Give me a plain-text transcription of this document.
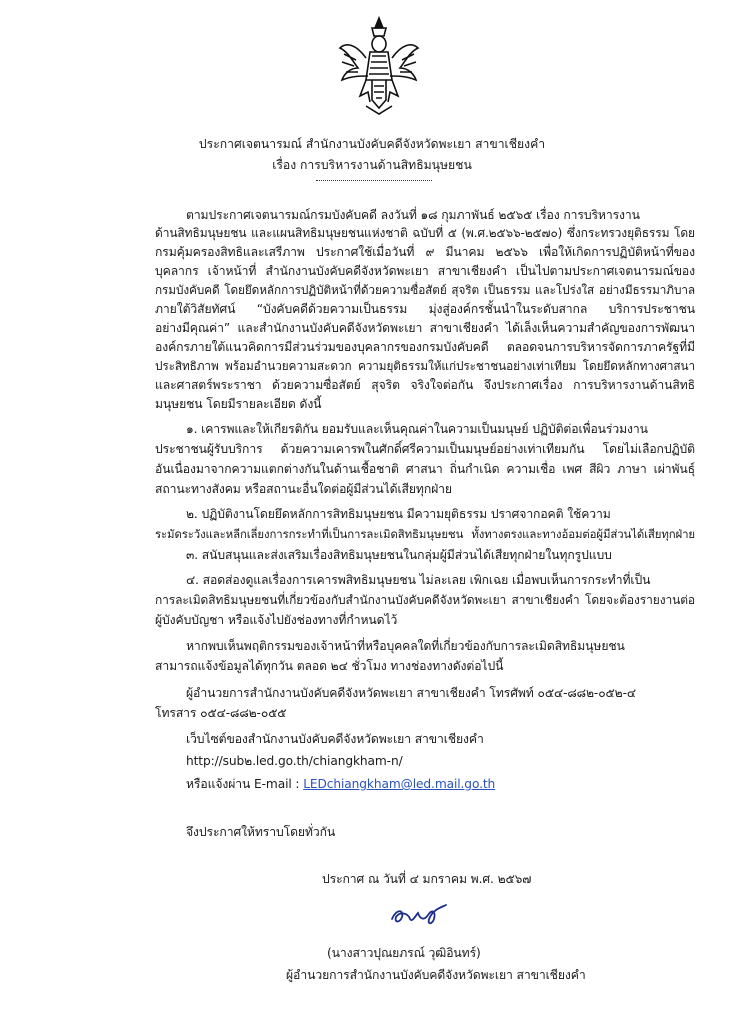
ประกาศเจตนารมณ์ สำนักงานบังคับคดีจังหวัดพะเยา สาขาเชียงคำ
เรื่อง การบริหารงานด้านสิทธิมนุษยชน
ตามประกาศเจตนารมณ์กรมบังคับคดี ลงวันที่ ๑๘ กุมภาพันธ์ ๒๕๖๕ เรื่อง การบริหารงาน
ด้านสิทธิมนุษยชน และแผนสิทธิมนุษยชนแห่งชาติ ฉบับที่ ๕ (พ.ศ.๒๕๖๖-๒๕๗๐) ซึ่งกระทรวงยุติธรรม โดย
กรมคุ้มครองสิทธิและเสรีภาพ ประกาศใช้เมื่อวันที่ ๙ มีนาคม ๒๕๖๖ เพื่อให้เกิดการปฏิบัติหน้าที่ของ
บุคลากร เจ้าหน้าที่ สำนักงานบังคับคดีจังหวัดพะเยา สาขาเชียงคำ เป็นไปตามประกาศเจตนารมณ์ของ
กรมบังคับคดี โดยยึดหลักการปฏิบัติหน้าที่ด้วยความซื่อสัตย์ สุจริต เป็นธรรม และโปร่งใส อย่างมีธรรมาภิบาล
ภายใต้วิสัยทัศน์ “บังคับคดีด้วยความเป็นธรรม มุ่งสู่องค์กรชั้นนำในระดับสากล บริการประชาชน
อย่างมีคุณค่า” และสำนักงานบังคับคดีจังหวัดพะเยา สาขาเชียงคำ ได้เล็งเห็นความสำคัญของการพัฒนา
องค์กรภายใต้แนวคิดการมีส่วนร่วมของบุคลากรของกรมบังคับคดี ตลอดจนการบริหารจัดการภาครัฐที่มี
ประสิทธิภาพ พร้อมอำนวยความสะดวก ความยุติธรรมให้แก่ประชาชนอย่างเท่าเทียม โดยยึดหลักทางศาสนา
และศาสตร์พระราชา ด้วยความซื่อสัตย์ สุจริต จริงใจต่อกัน จึงประกาศเรื่อง การบริหารงานด้านสิทธิ
มนุษยชน โดยมีรายละเอียด ดังนี้
๑. เคารพและให้เกียรติกัน ยอมรับและเห็นคุณค่าในความเป็นมนุษย์ ปฏิบัติต่อเพื่อนร่วมงาน
ประชาชนผู้รับบริการ ด้วยความเคารพในศักดิ์ศรีความเป็นมนุษย์อย่างเท่าเทียมกัน โดยไม่เลือกปฏิบัติ
อันเนื่องมาจากความแตกต่างกันในด้านเชื้อชาติ ศาสนา ถิ่นกำเนิด ความเชื่อ เพศ สีผิว ภาษา เผ่าพันธุ์
สถานะทางสังคม หรือสถานะอื่นใดต่อผู้มีส่วนได้เสียทุกฝ่าย
๒. ปฏิบัติงานโดยยึดหลักการสิทธิมนุษยชน มีความยุติธรรม ปราศจากอคติ ใช้ความ
ระมัดระวังและหลีกเลี่ยงการกระทำที่เป็นการละเมิดสิทธิมนุษยชน ทั้งทางตรงและทางอ้อมต่อผู้มีส่วนได้เสียทุกฝ่าย
๓. สนับสนุนและส่งเสริมเรื่องสิทธิมนุษยชนในกลุ่มผู้มีส่วนได้เสียทุกฝ่ายในทุกรูปแบบ
๔. สอดส่องดูแลเรื่องการเคารพสิทธิมนุษยชน ไม่ละเลย เพิกเฉย เมื่อพบเห็นการกระทำที่เป็น
การละเมิดสิทธิมนุษยชนที่เกี่ยวข้องกับสำนักงานบังคับคดีจังหวัดพะเยา สาขาเชียงคำ โดยจะต้องรายงานต่อ
ผู้บังคับบัญชา หรือแจ้งไปยังช่องทางที่กำหนดไว้
หากพบเห็นพฤติกรรมของเจ้าหน้าที่หรือบุคคลใดที่เกี่ยวข้องกับการละเมิดสิทธิมนุษยชน
สามารถแจ้งข้อมูลได้ทุกวัน ตลอด ๒๔ ชั่วโมง ทางช่องทางดังต่อไปนี้
ผู้อำนวยการสำนักงานบังคับคดีจังหวัดพะเยา สาขาเชียงคำ โทรศัพท์ ๐๕๔-๘๘๒-๐๕๒-๔
โทรสาร ๐๕๔-๘๘๒-๐๕๕
เว็บไซต์ของสำนักงานบังคับคดีจังหวัดพะเยา สาขาเชียงคำ
http://sub๒.led.go.th/chiangkham-n/
หรือแจ้งผ่าน E-mail : LEDchiangkham@led.mail.go.th
จึงประกาศให้ทราบโดยทั่วกัน
ประกาศ ณ วันที่ ๔ มกราคม พ.ศ. ๒๕๖๗
(นางสาวปุณยภรณ์ วุฒิอินทร์)
ผู้อำนวยการสำนักงานบังคับคดีจังหวัดพะเยา สาขาเชียงคำ
